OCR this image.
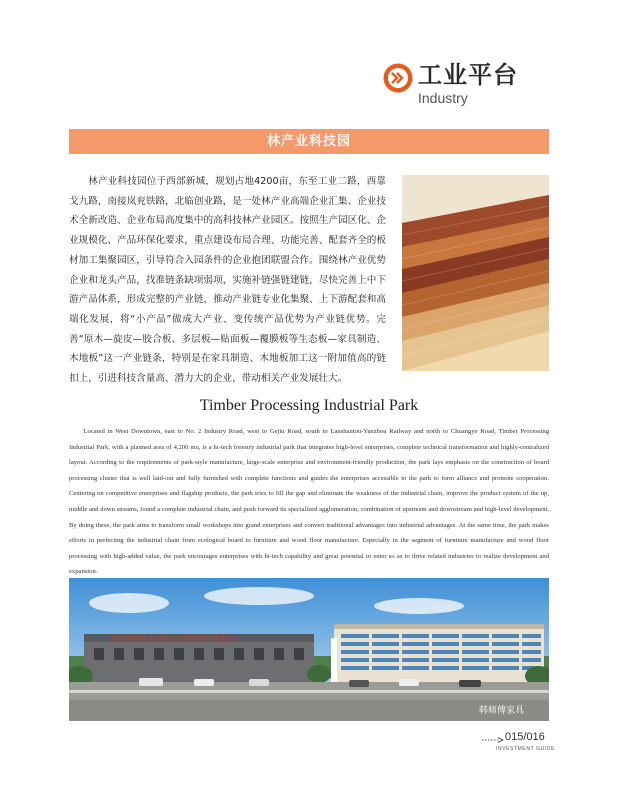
工业平台
Industry
林产业科技园
林产业科技园位于西部新城，规划占地4200亩，东至工业二路，西靠戈九路，南接岚兖铁路，北临创业路，是一处林产业高端企业汇集、企业技术全新改造、企业布局高度集中的高科技林产业园区。按照生产园区化、企业规模化、产品环保化要求，重点建设布局合理、功能完善、配套齐全的板材加工集聚园区，引导符合入园条件的企业抱团联盟合作。围绕林产业优势企业和龙头产品，找准链条缺项弱项，实施补链强链建链，尽快完善上中下游产品体系，形成完整的产业链，推动产业链专业化集聚、上下游配套和高端化发展，将“小产品”做成大产业、变传统产品优势为产业链优势。完善“原木—旋皮—胶合板、多层板—贴面板—覆膜板等生态板—家具制造、木地板”这一产业链条，特别是在家具制造、木地板加工这一附加值高的链扣上，引进科技含量高、潜力大的企业，带动相关产业发展壮大。
Timber Processing Industrial Park
Located in West Downtown, east to No. 2 Industry Road, west to Gejiu Road, south to Lanshantou-Yanzhou Railway and north to Chuangye Road, Timber Processing Industrial Park, with a planned area of 4,200 mu, is a hi-tech forestry industrial park that integrates high-level enterprises, complete technical transformation and highly-centralized layout. According to the requirements of park-style manufacture, large-scale enterprise and environment-friendly production, the park lays emphasis on the construction of board processing cluster that is well laid-out and fully furnished with complete functions and guides the enterprises accessible to the park to form alliance and promote cooperation. Centering on competitive enterprises and flagship products, the park tries to fill the gap and eliminate the weakness of the industrial chain, improve the product system of the up, middle and down streams, found a complete industrial chain, and push forward its specialized agglomeration, combination of upstream and downstream and high-level development. By doing these, the park aims to transform small workshops into grand enterprises and convert traditional advantages into industrial advantages. At the same time, the park makes efforts in perfecting the industrial chain from ecological board to furniture and wood floor manufacture. Especially in the segment of furniture manufacture and wood floor processing with high-added value, the park encourages enterprises with hi-tech capability and great potential to enter so as to drive related industries to realize development and expansion.
日照市韩师傅家具有限公司 日照韩师傅家具有限公司
韩师傅家具
015/016
INVESTMENT GUIDE
